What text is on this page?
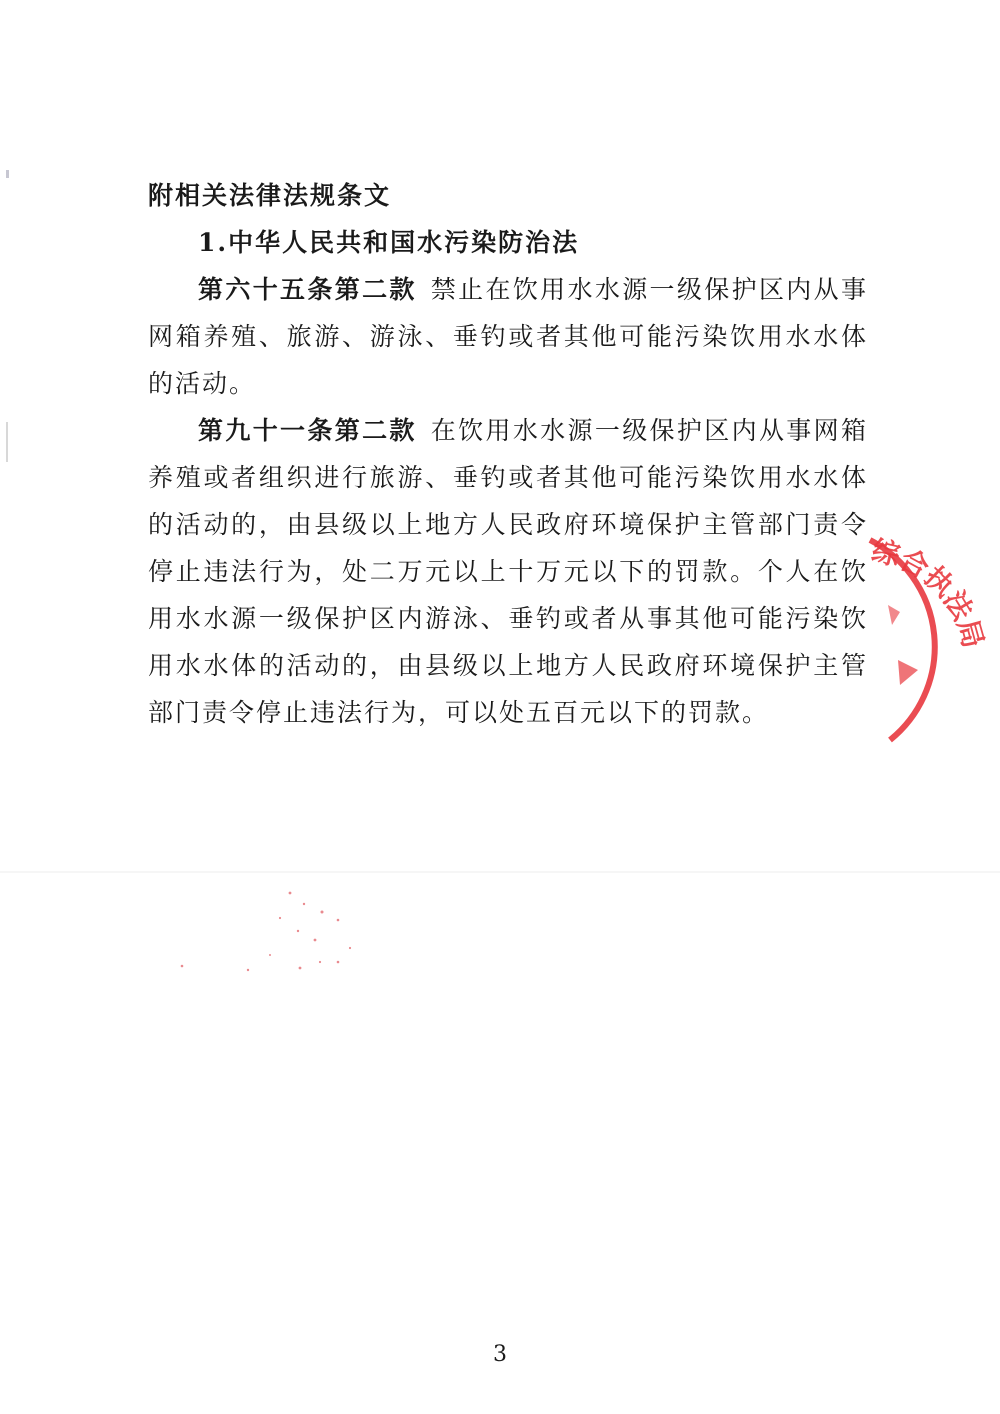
附相关法律法规条文

1.中华人民共和国水污染防治法

第六十五条第二款 禁止在饮用水水源一级保护区内从事网箱养殖、旅游、游泳、垂钓或者其他可能污染饮用水水体的活动。

第九十一条第二款 在饮用水水源一级保护区内从事网箱养殖或者组织进行旅游、垂钓或者其他可能污染饮用水水体的活动的，由县级以上地方人民政府环境保护主管部门责令停止违法行为，处二万元以上十万元以下的罚款。个人在饮用水水源一级保护区内游泳、垂钓或者从事其他可能污染饮用水水体的活动的，由县级以上地方人民政府环境保护主管部门责令停止违法行为，可以处五百元以下的罚款。

综合执法局
3
